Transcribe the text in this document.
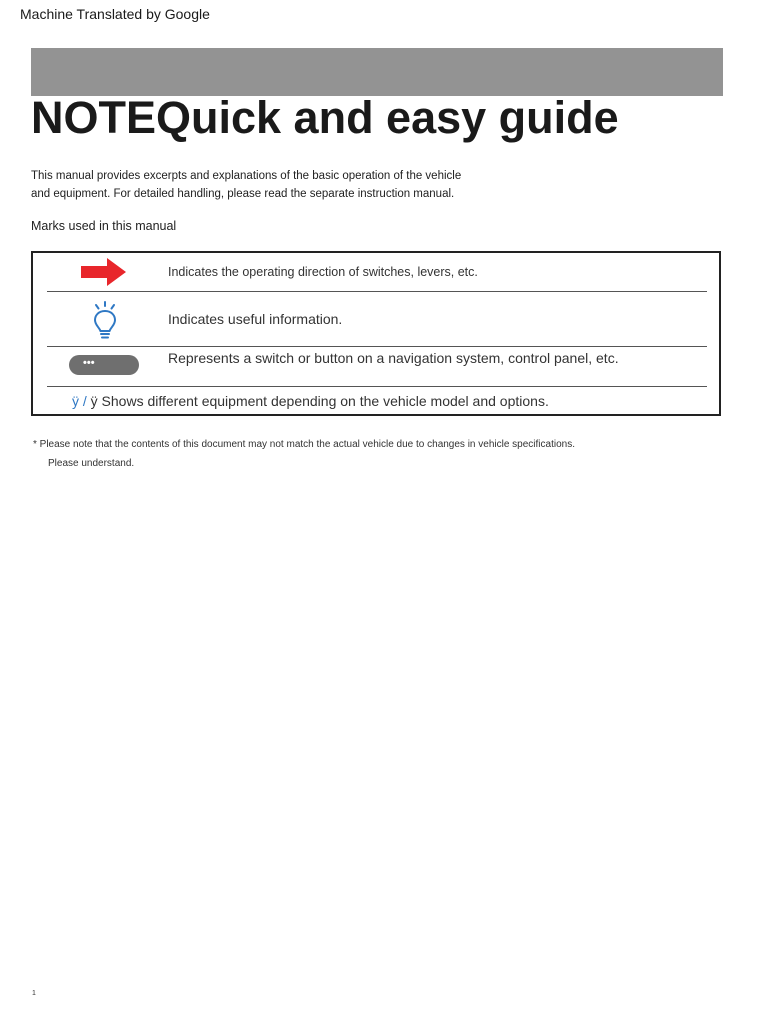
Machine Translated by Google
NOTEQuick and easy guide
This manual provides excerpts and explanations of the basic operation of the vehicle
and equipment. For detailed handling, please read the separate instruction manual.
Marks used in this manual
Indicates the operating direction of switches, levers, etc.
Indicates useful information.
•••	Represents a switch or button on a navigation system, control panel, etc.
ÿ / ÿ Shows different equipment depending on the vehicle model and options.
* Please note that the contents of this document may not match the actual vehicle due to changes in vehicle specifications.
Please understand.
1
